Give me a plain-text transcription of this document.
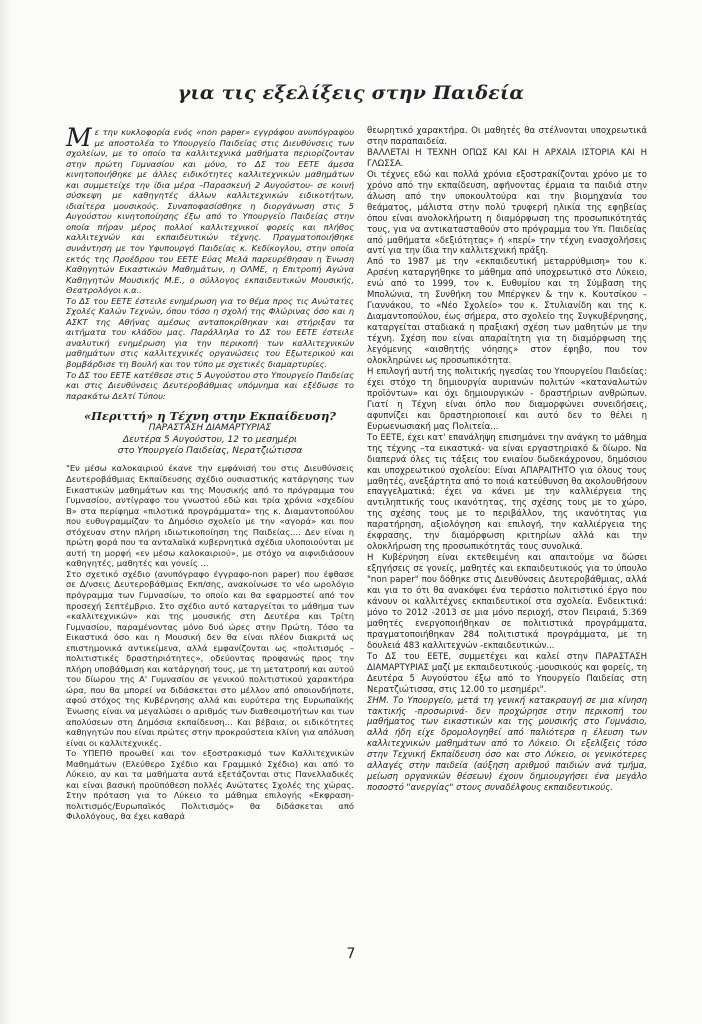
για τις εξελίξεις στην Παιδεία

Με την κυκλοφορία ενός «non paper» εγγράφου ανυπόγραφου με αποστολέα το Υπουργείο Παιδείας στις Διευθύνσεις των σχολείων, με το οποίο τα καλλιτεχνικά μαθήματα περιορίζονταν στην πρώτη Γυμνασίου και μόνο, το ΔΣ του ΕΕΤΕ άμεσα κινητοποιήθηκε με άλλες ειδικότητες καλλιτεχνικών μαθημάτων και συμμετείχε την ίδια μέρα –Παρασκευή 2 Αυγούστου- σε κοινή σύσκεψη με καθηγητές άλλων καλλιτεχνικών ειδικοτήτων, ιδιαίτερα μουσικούς. Συναποφασίσθηκε η διοργάνωση στις 5 Αυγούστου κινητοποίησης έξω από το Υπουργείο Παιδείας στην οποία πήραν μέρος πολλοί καλλιτεχνικοί φορείς και πλήθος καλλιτεχνών και εκπαιδευτικών τέχνης. Πραγματοποιήθηκε συνάντηση με τον Υφυπουργό Παιδείας κ. Κεδίκογλου, στην οποία εκτός της Προέδρου του ΕΕΤΕ Εύας Μελά παρευρέθησαν η Ένωση Καθηγητών Εικαστικών Μαθημάτων, η ΟΛΜΕ, η Επιτροπή Αγώνα Καθηγητών Μουσικής Μ.Ε., ο σύλλογος εκπαιδευτικών Μουσικής, Θεατρολόγοι κ.α..

Το ΔΣ του ΕΕΤΕ έστειλε ενημέρωση για το θέμα προς τις Ανώτατες Σχολές Καλών Τεχνών, όπου τόσο η σχολή της Φλώρινας όσο και η ΑΣΚΤ της Αθήνας αμέσως ανταποκρίθηκαν και στήριξαν τα αιτήματα του κλάδου μας. Παράλληλα το ΔΣ του ΕΕΤΕ έστειλε αναλυτική ενημέρωση για την περικοπή των καλλιτεχνικών μαθημάτων στις καλλιτεχνικές οργανώσεις του Εξωτερικού και βομβάρδισε τη Βουλή και τον τύπο με σχετικές διαμαρτυρίες.

Το ΔΣ του ΕΕΤΕ κατέθεσε στις 5 Αυγούστου στο Υπουργείο Παιδείας και στις Διευθύνσεις Δευτεροβάθμιας υπόμνημα και εξέδωσε το παρακάτω Δελτί Τύπου:

«Περιττή» η Τέχνη στην Εκπαίδευση?

ΠΑΡΑΣΤΑΣΗ ΔΙΑΜΑΡΤΥΡΙΑΣ

Δευτέρα 5 Αυγούστου, 12 το μεσημέρι

στο Υπουργείο Παιδείας, Νερατζιώτισσα

"Εν μέσω καλοκαιριού έκανε την εμφάνισή του στις Διευθύνσεις Δευτεροβάθμιας Εκπαίδευσης σχέδιο ουσιαστικής κατάργησης των Εικαστικών μαθημάτων και της Μουσικής από το πρόγραμμα του Γυμνασίου, αντίγραφο του γνωστού εδώ και τρία χρόνια «σχεδίου Β» στα περίφημα «πιλοτικά προγράμματα» της κ. Διαμαντοπούλου που ευθυγραμμίζαν το Δημόσιο σχολείο με την «αγορά» και που στόχευαν στην πλήρη ιδιωτικοποίηση της Παιδείας.... Δεν είναι η πρώτη φορά που τα ανταλαϊκά κυβερνητικά σχέδια υλοποιούνται με αυτή τη μορφή «εν μέσω καλοκαιριού», με στόχο να αιφνιδιάσουν καθηγητές, μαθητές και γονείς ...

Στο σχετικό σχέδιο (ανυπόγραφο έγγραφο-non paper) που έφθασε σε Δ/νσεις Δευτεροβάθμιας Εκπ/σης, ανακοίνωσε το νέο ωρολόγιο πρόγραμμα των Γυμνασίων, το οποίο και θα εφαρμοστεί από τον προσεχή Σεπτέμβριο. Στο σχέδιο αυτό καταργείται το μάθημα των «καλλιτεχνικών» και της μουσικής στη Δευτέρα και Τρίτη Γυμνασίου, παραμένοντας μόνο δυό ώρες στην Πρώτη. Τόσο τα Εικαστικά όσο και η Μουσική δεν θα είναι πλέον διακριτά ως επιστημονικά αντικείμενα, αλλά εμφανίζονται ως «πολιτισμός –πολιτιστικές δραστηριότητες», οδεύοντας προφανώς προς την πλήρη υποβάθμιση και κατάργησή τους, με τη μετατροπή και αυτού του δίωρου της Α' Γυμνασίου σε γενικού πολιτιστικού χαρακτήρα ώρα, που θα μπορεί να διδάσκεται στο μέλλον από οποιονδήποτε, αφού στόχος της Κυβέρνησης αλλά και ευρύτερα της Ευρωπαϊκής Ένωσης είναι να μεγαλώσει ο αριθμός των διαθεσιμοτήτων και των απολύσεων στη Δημόσια εκπαίδευση... Και βέβαια, οι ειδικότητες καθηγητών που είναι πρώτες στην προκρούστεια κλίνη για απόλυση είναι οι καλλιτεχνικές.

Το ΥΠΕΠΘ προωθεί και τον εξοστρακισμό των Καλλιτεχνικών Μαθημάτων (Ελεύθερο Σχέδιο και Γραμμικό Σχέδιο) και από το Λύκειο, αν και τα μαθήματα αυτά εξετάζονται στις Πανελλαδικές και είναι βασική προϋπόθεση πολλές Ανώτατες Σχολές της χώρας. Στην πρόταση για το Λύκειο το μάθημα επιλογής «Εκφραση-πολιτισμός/Ευρωπαϊκός Πολιτισμός» θα διδάσκεται από Φιλολόγους, θα έχει καθαρά

θεωρητικό χαρακτήρα. Οι μαθητές θα στέλνονται υποχρεωτικά στην παραπαιδεία.

ΒΑΛΛΕΤΑΙ Η ΤΕΧΝΗ ΟΠΩΣ ΚΑΙ ΚΑΙ Η ΑΡΧΑΙΑ ΙΣΤΟΡΙΑ ΚΑΙ Η ΓΛΩΣΣΑ.

Οι τέχνες εδώ και πολλά χρόνια εξοστρακίζονται χρόνο με το χρόνο από την εκπαίδευση, αφήνοντας έρμαια τα παιδιά στην άλωση από την υποκουλτούρα και την βιομηχανία του θεάματος, μάλιστα στην πολύ τρυφερή ηλικία της εφηβείας όπου είναι ανολοκλήρωτη η διαμόρφωση της προσωπικότητάς τους, για να αντικατασταθούν στο πρόγραμμα του Υπ. Παιδείας από μαθήματα «δεξιότητας» ή «περί» την τέχνη ενασχολήσεις αντί για την ίδια την καλλιτεχνική πράξη.

Από το 1987 με την «εκπαιδευτική μεταρρύθμιση» του κ. Αρσένη καταργήθηκε το μάθημα από υποχρεωτικό στο Λύκειο, ενώ από το 1999, τον κ. Ευθυμίου και τη Σύμβαση της Μπολώνια, τη Συνθήκη του Μπέργκεν & την κ. Κουτσίκου – Γιαννάκου, το «Νέο Σχολείο» του κ. Στυλιανίδη και της κ. Διαμαντοπούλου, έως σήμερα, στο σχολείο της Συγκυβέρνησης, καταργείται σταδιακά η πραξιακή σχέση των μαθητών με την τέχνη. Σχέση που είναι απαραίτητη για τη διαμόρφωση της λεγόμενης «αισθητής νόησης» στον έφηβο, που τον ολοκληρώνει ως προσωπικότητα.

Η επιλογή αυτή της πολιτικής ηγεσίας του Υπουργείου Παιδείας: έχει στόχο τη δημιουργία αυριανών πολιτών «καταναλωτών προϊόντων» και όχι δημιουργικών - δραστήριων ανθρώπων. Γιατί η Τέχνη είναι όπλο που διαμορφώνει συνειδήσεις, αφυπνίζει και δραστηριοποιεί και αυτό δεν το θέλει η Ευρωενωσιακή μας Πολιτεία...

Το ΕΕΤΕ, έχει κατ' επανάληψη επισημάνει την ανάγκη το μάθημα της τέχνης –τα εικαστικά- να είναι εργαστηριακό & δίωρο. Να διαπερνά όλες τις τάξεις του ενιαίου δωδεκάχρονου, δημόσιου και υποχρεωτικού σχολείου: Είναι ΑΠΑΡΑΙΤΗΤΟ για όλους τους μαθητές, ανεξάρτητα από το ποιά κατεύθυνση θα ακολουθήσουν επαγγελματικά: έχει να κάνει με την καλλιέργεια της αντιληπτικής τους ικανότητας, της σχέσης τους με το χώρο, της σχέσης τους με το περιβάλλον, της ικανότητας για παρατήρηση, αξιολόγηση και επιλογή, την καλλιέργεια της έκφρασης, την διαμόρφωση κριτηρίων αλλά και την ολοκλήρωση της προσωπικότητάς τους συνολικά.

Η Κυβέρνηση είναι εκτεθειμένη και απαιτούμε να δώσει εξηγήσεις σε γονείς, μαθητές και εκπαιδευτικούς για το ύπουλο "non paper" που δόθηκε στις Διευθύνσεις Δευτεροβάθμιας, αλλά και για το ότι θα ανακόψει ένα τεράστιο πολιτιστικό έργο που κάνουν οι καλλιτέχνες εκπαιδευτικοί στα σχολεία. Ενδεικτικά: μόνο το 2012 -2013 σε μια μόνο περιοχή, στον Πειραιά, 5.369 μαθητές ενεργοποιήθηκαν σε πολιτιστικά προγράμματα, πραγματοποιήθηκαν 284 πολιτιστικά προγράμματα, με τη δουλειά 483 καλλιτεχνών -εκπαιδευτικών...

Το ΔΣ του ΕΕΤΕ, συμμετέχει και καλεί στην ΠΑΡΑΣΤΑΣΗ ΔΙΑΜΑΡΤΥΡΙΑΣ μαζί με εκπαιδευτικούς -μουσικούς και φορείς, τη Δευτέρα 5 Αυγούστου έξω από το Υπουργείο Παιδείας στη Νερατζιώτισσα, στις 12.00 το μεσημέρι".

ΣΗΜ. Το Υπουργείο, μετά τη γενική κατακραυγή σε μια κίνηση τακτικής -προσωρινά- δεν προχώρησε στην περικοπή του μαθήματος των εικαστικών και της μουσικής στο Γυμνάσιο, αλλά ήδη είχε δρομολογηθεί από παλιότερα η έλευση των καλλιτεχνικών μαθημάτων από το Λύκειο. Οι εξελίξεις τόσο στην Τεχνική Εκπαίδευση όσο και στο Λύκειο, οι γενικότερες αλλαγές στην παιδεία (αύξηση αριθμού παιδιών ανά τμήμα, μείωση οργανικών θέσεων) έχουν δημιουργήσει ένα μεγάλο ποσοστό "ανεργίας" στους συναδέλφους εκπαιδευτικούς.

7
